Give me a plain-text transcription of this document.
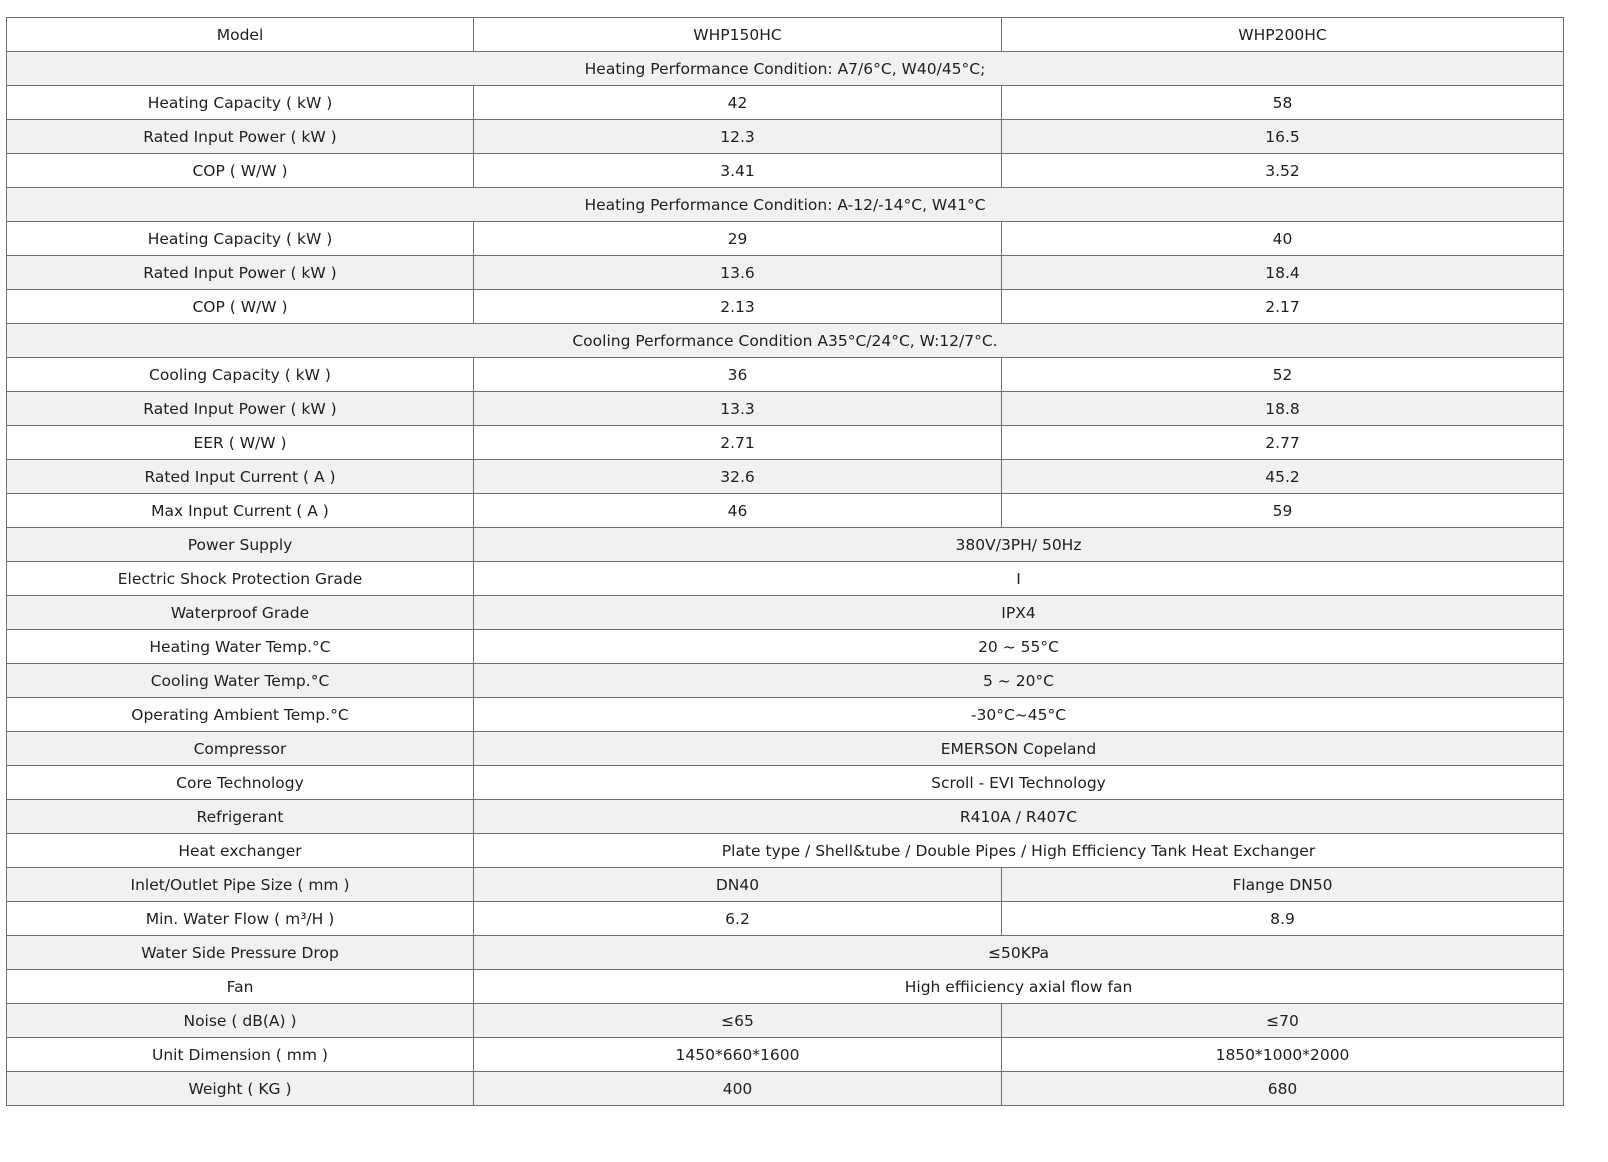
Model	WHP150HC	WHP200HC
Heating Performance Condition: A7/6°C, W40/45°C;		
Heating Capacity ( kW )	42	58
Rated Input Power ( kW )	12.3	16.5
COP ( W/W )	3.41	3.52
Heating Performance Condition: A-12/-14°C, W41°C		
Heating Capacity ( kW )	29	40
Rated Input Power ( kW )	13.6	18.4
COP ( W/W )	2.13	2.17
Cooling Performance Condition A35°C/24°C, W:12/7°C.		
Cooling Capacity ( kW )	36	52
Rated Input Power ( kW )	13.3	18.8
EER ( W/W )	2.71	2.77
Rated Input Current ( A )	32.6	45.2
Max Input Current ( A )	46	59
Power Supply	380V/3PH/ 50Hz	
Electric Shock Protection Grade	I	
Waterproof Grade	IPX4	
Heating Water Temp.°C	20 ~ 55°C	
Cooling Water Temp.°C	5 ~ 20°C	
Operating Ambient Temp.°C	-30°C~45°C	
Compressor	EMERSON Copeland	
Core Technology	Scroll - EVI Technology	
Refrigerant	R410A / R407C	
Heat exchanger	Plate type / Shell&tube / Double Pipes / High Efficiency Tank Heat Exchanger	
Inlet/Outlet Pipe Size ( mm )	DN40	Flange DN50
Min. Water Flow ( m³/H )	6.2	8.9
Water Side Pressure Drop	≤50KPa	
Fan	High effiiciency axial flow fan	
Noise ( dB(A) )	≤65	≤70
Unit Dimension ( mm )	1450*660*1600	1850*1000*2000
Weight ( KG )	400	680
